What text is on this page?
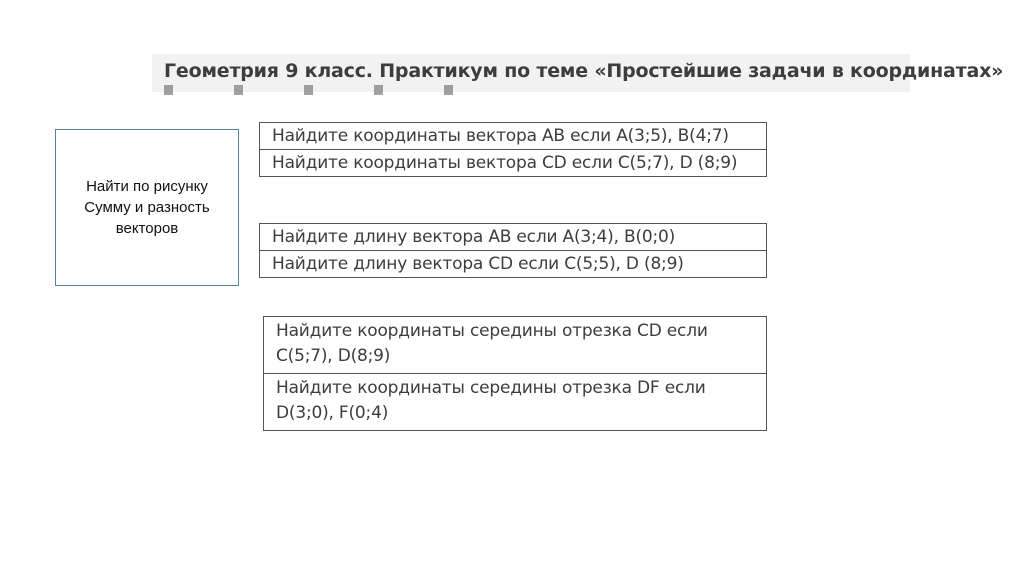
Геометрия 9 класс. Практикум по теме «Простейшие задачи в координатах»
Найти по рисунку
Сумму и разность
векторов
Найдите координаты вектора АВ если А(3;5), В(4;7)
Найдите координаты вектора CD если С(5;7), D (8;9)
Найдите длину вектора АВ если А(3;4), В(0;0)
Найдите длину вектора CD если С(5;5), D (8;9)
Найдите координаты середины отрезка CD если С(5;7), D(8;9)
Найдите координаты середины отрезка DF если D(3;0), F(0;4)
